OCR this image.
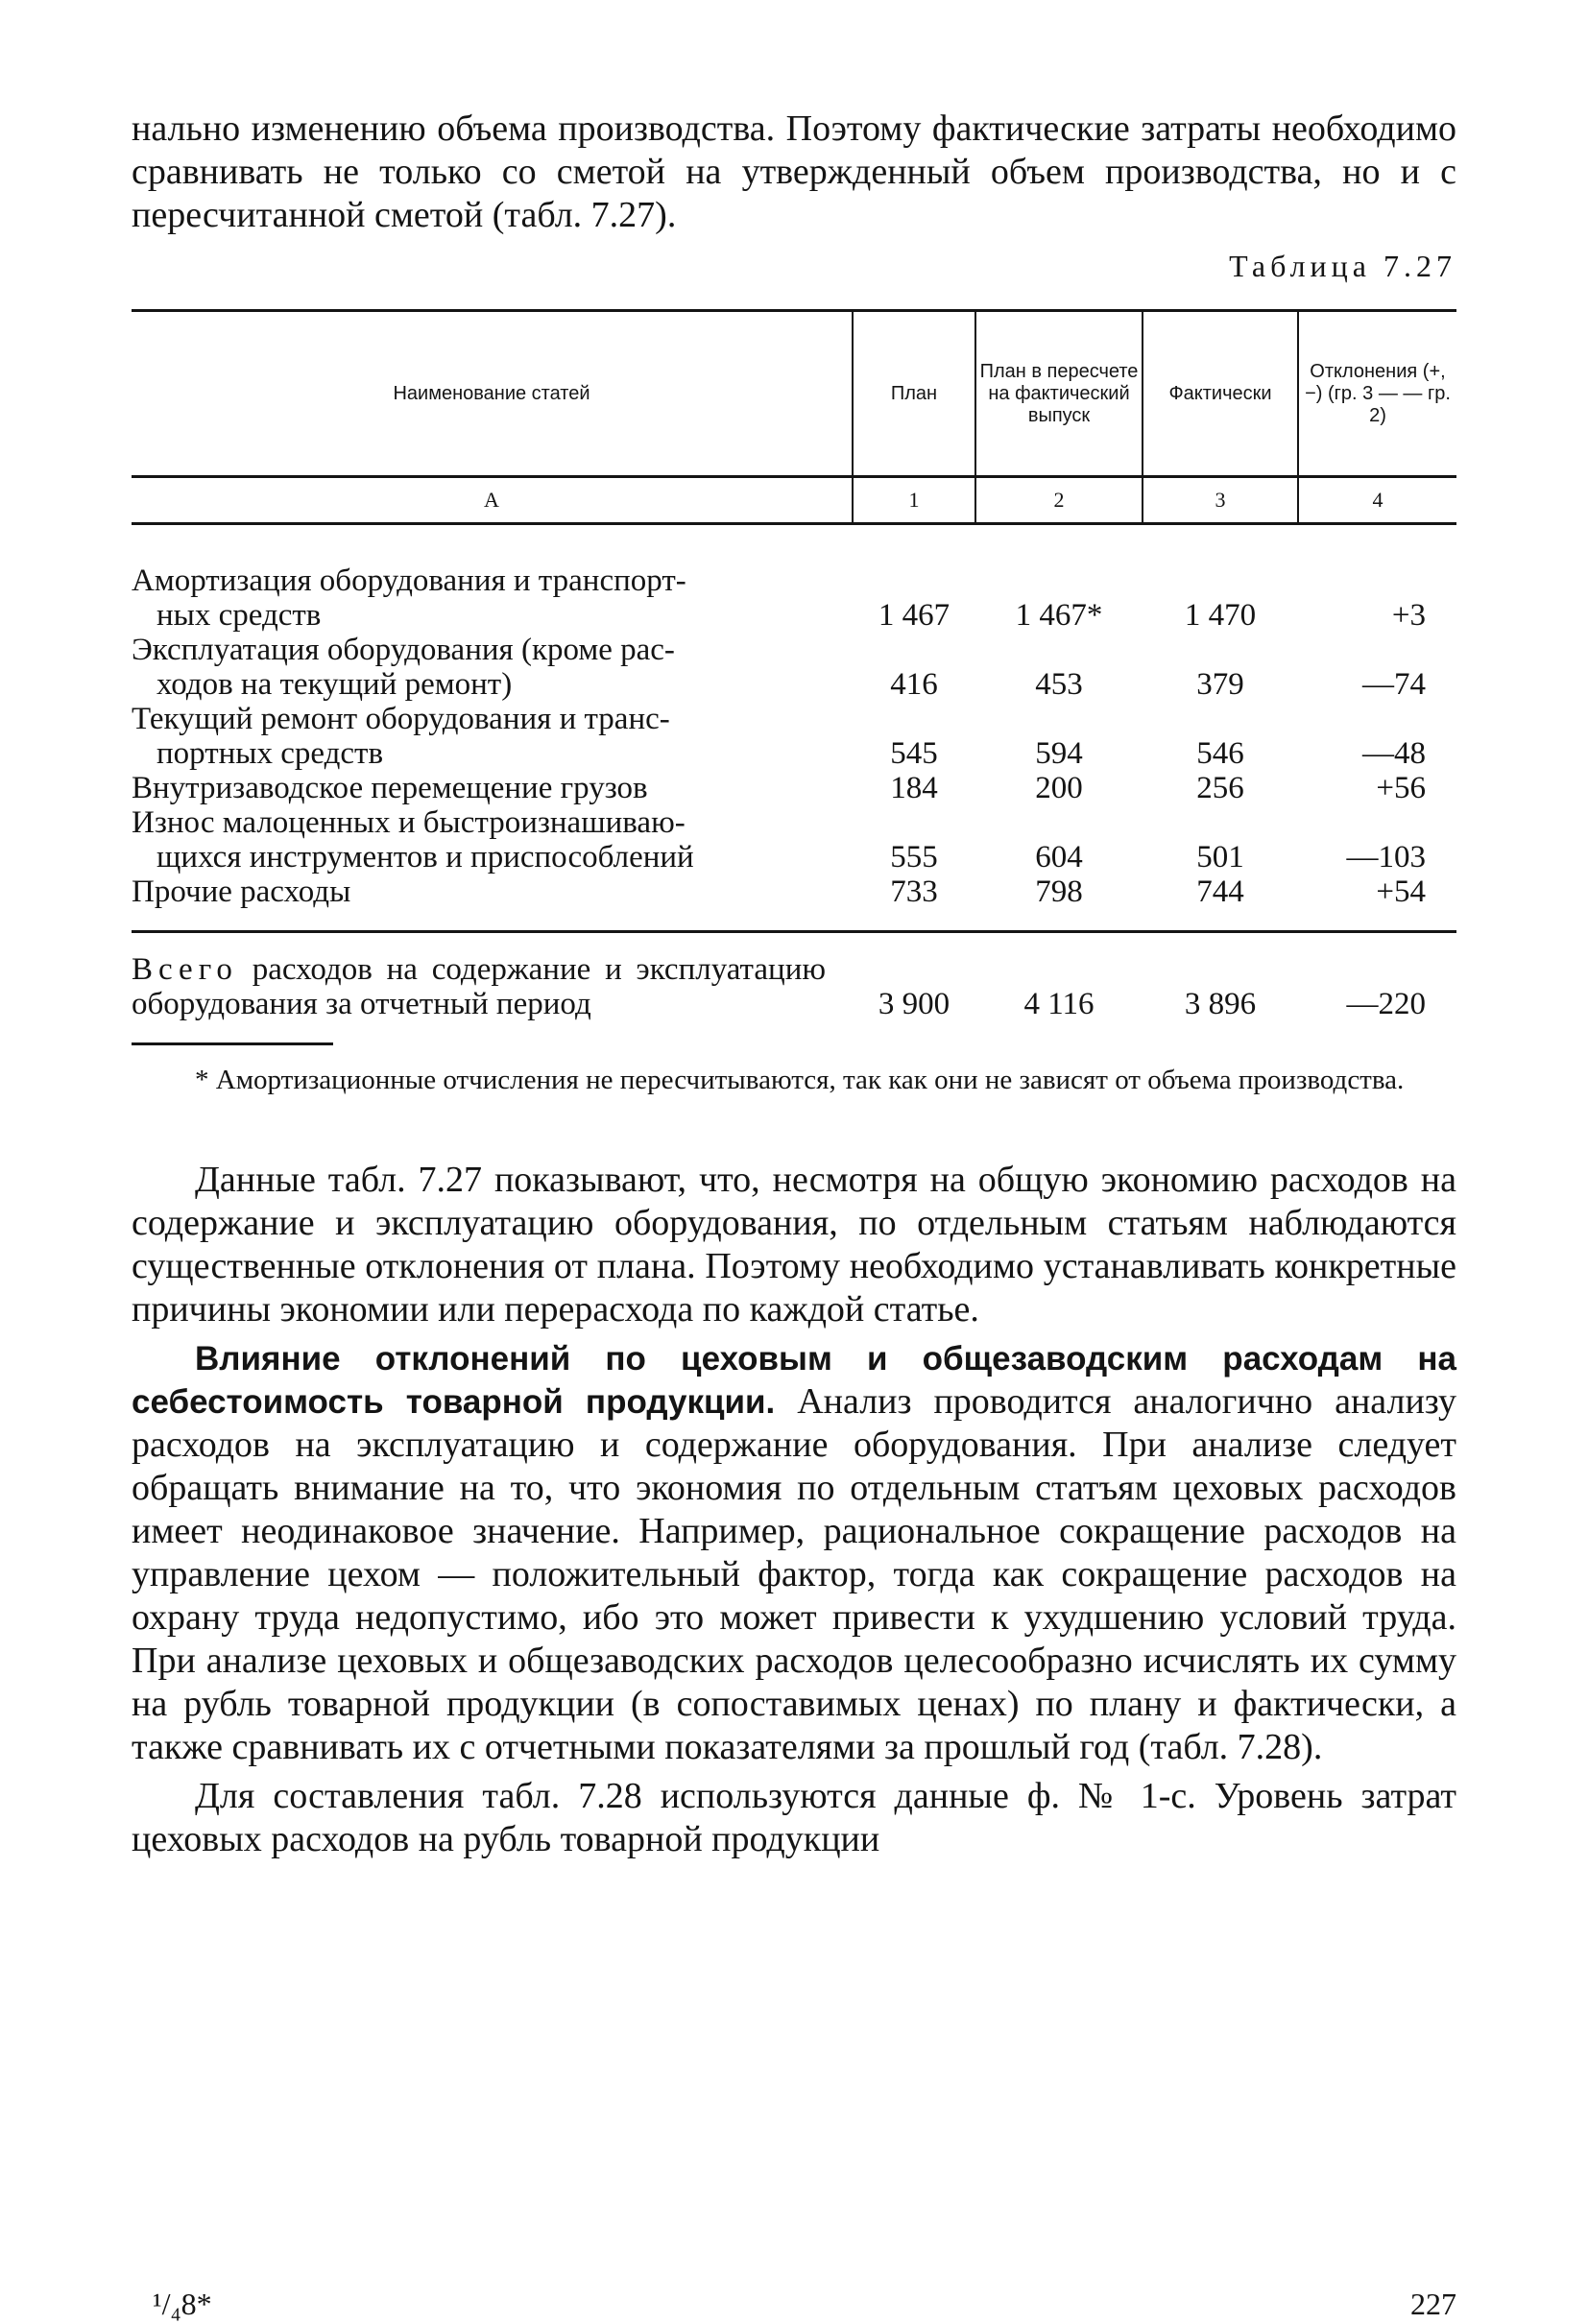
нально изменению объема производства. Поэтому фактические затраты необходимо сравнивать не только со сметой на утвержденный объем производства, но и с пересчитанной сметой (табл. 7.27).

Таблица 7.27
Наименование статей	План	План в пересчете на фактический выпуск	Фактически	Отклонения (+, −) (гр. 3 — — гр. 2)
А	1	2	3	4
Амортизация оборудования и транспорт-
ных средств	1 467	1 467*	1 470	+3
Эксплуатация оборудования (кроме рас-
ходов на текущий ремонт)	416	453	379	—74
Текущий ремонт оборудования и транс-
портных средств	545	594	546	—48
Внутризаводское перемещение грузов	184	200	256	+56
Износ малоценных и быстроизнашиваю-
щихся инструментов и приспособлений	555	604	501	—103
Прочие расходы	733	798	744	+54
Всего расходов на содержание и эксплуатацию оборудования за отчетный период	3 900	4 116	3 896	—220

* Амортизационные отчисления не пересчитываются, так как они не зависят от объема производства.

Данные табл. 7.27 показывают, что, несмотря на общую экономию расходов на содержание и эксплуатацию оборудования, по отдельным статьям наблюдаются существенные отклонения от плана. Поэтому необходимо устанавливать конкретные причины экономии или перерасхода по каждой статье.

Влияние отклонений по цеховым и общезаводским расходам на себестоимость товарной продукции. Анализ проводится аналогично анализу расходов на эксплуатацию и содержание оборудования. При анализе следует обращать внимание на то, что экономия по отдельным статъям цеховых расходов имеет неодинаковое значение. Например, рациональное сокращение расходов на управление цехом — положительный фактор, тогда как сокращение расходов на охрану труда недопустимо, ибо это может привести к ухудшению условий труда. При анализе цеховых и общезаводских расходов целесообразно исчислять их сумму на рубль товарной продукции (в сопоставимых ценах) по плану и фактически, а также сравнивать их с отчетными показателями за прошлый год (табл. 7.28).

Для составления табл. 7.28 используются данные ф. № 1-с. Уровень затрат цеховых расходов на рубль товарной продукции

¹/₄8*	227
